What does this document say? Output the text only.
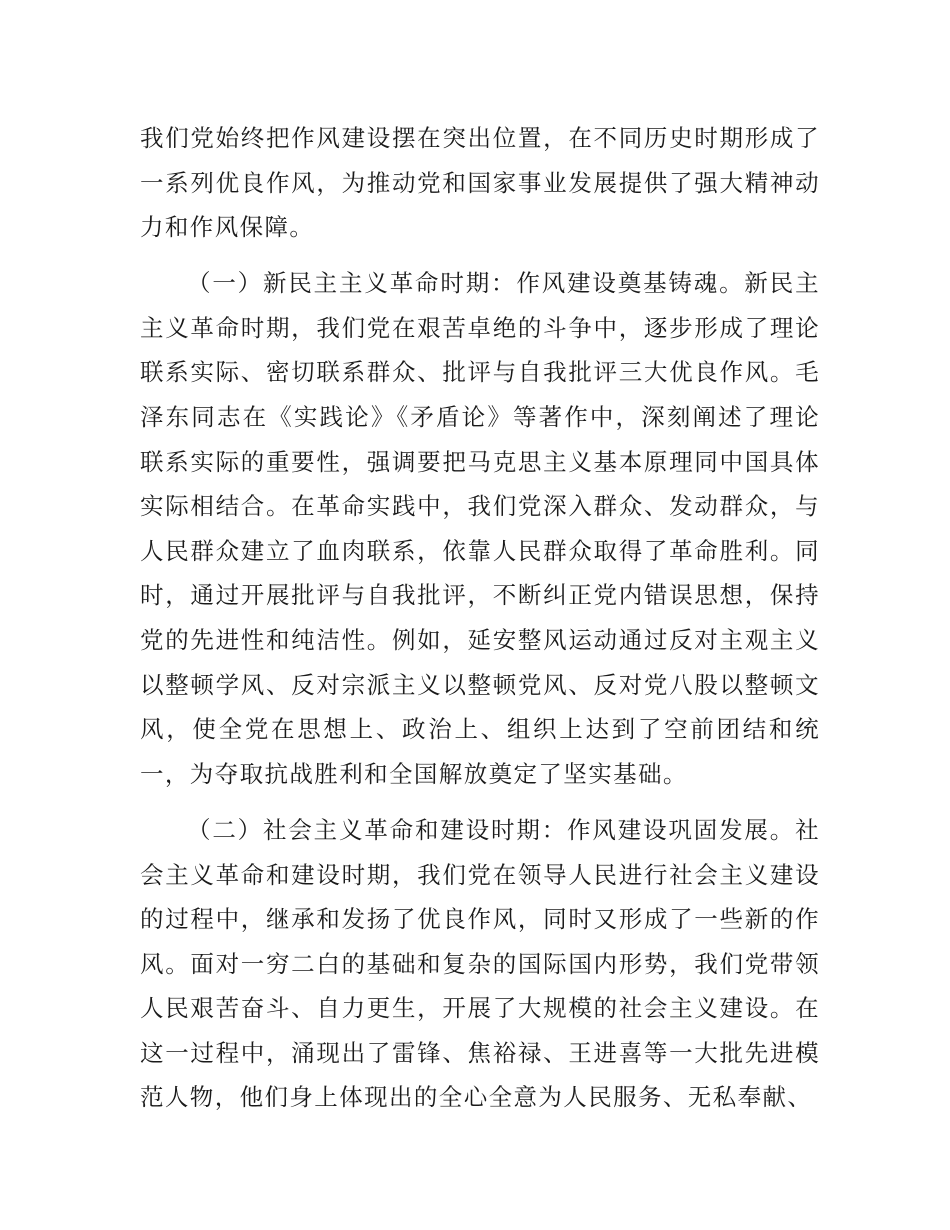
我们党始终把作风建设摆在突出位置，在不同历史时期形成了一系列优良作风，为推动党和国家事业发展提供了强大精神动力和作风保障。

（一）新民主主义革命时期：作风建设奠基铸魂。新民主主义革命时期，我们党在艰苦卓绝的斗争中，逐步形成了理论联系实际、密切联系群众、批评与自我批评三大优良作风。毛泽东同志在《实践论》《矛盾论》等著作中，深刻阐述了理论联系实际的重要性，强调要把马克思主义基本原理同中国具体实际相结合。在革命实践中，我们党深入群众、发动群众，与人民群众建立了血肉联系，依靠人民群众取得了革命胜利。同时，通过开展批评与自我批评，不断纠正党内错误思想，保持党的先进性和纯洁性。例如，延安整风运动通过反对主观主义以整顿学风、反对宗派主义以整顿党风、反对党八股以整顿文风，使全党在思想上、政治上、组织上达到了空前团结和统一，为夺取抗战胜利和全国解放奠定了坚实基础。

（二）社会主义革命和建设时期：作风建设巩固发展。社会主义革命和建设时期，我们党在领导人民进行社会主义建设的过程中，继承和发扬了优良作风，同时又形成了一些新的作风。面对一穷二白的基础和复杂的国际国内形势，我们党带领人民艰苦奋斗、自力更生，开展了大规模的社会主义建设。在这一过程中，涌现出了雷锋、焦裕禄、王进喜等一大批先进模范人物，他们身上体现出的全心全意为人民服务、无私奉献、
